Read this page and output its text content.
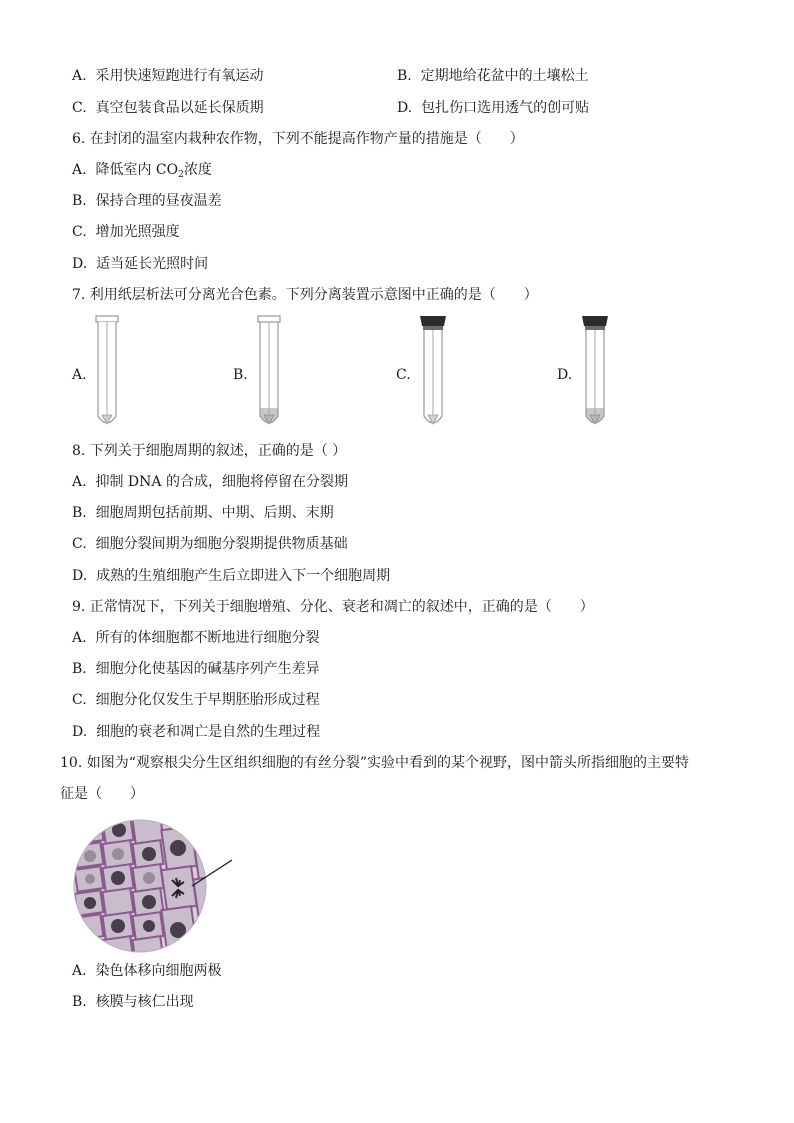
A. 采用快速短跑进行有氧运动	B. 定期地给花盆中的土壤松土
C. 真空包装食品以延长保质期	D. 包扎伤口选用透气的创可贴
6. 在封闭的温室内栽种农作物，下列不能提高作物产量的措施是（　　）
A. 降低室内 $CO_2$浓度
B. 保持合理的昼夜温差
C. 增加光照强度
D. 适当延长光照时间
7. 利用纸层析法可分离光合色素。下列分离装置示意图中正确的是（　　）
A.	B.	C.	D.
8. 下列关于细胞周期的叙述，正确的是（ ）
A. 抑制 DNA 的合成，细胞将停留在分裂期
B. 细胞周期包括前期、中期、后期、末期
C. 细胞分裂间期为细胞分裂期提供物质基础
D. 成熟的生殖细胞产生后立即进入下一个细胞周期
9. 正常情况下，下列关于细胞增殖、分化、衰老和凋亡的叙述中，正确的是（　　）
A. 所有的体细胞都不断地进行细胞分裂
B. 细胞分化使基因的碱基序列产生差异
C. 细胞分化仅发生于早期胚胎形成过程
D. 细胞的衰老和凋亡是自然的生理过程
10. 如图为“观察根尖分生区组织细胞的有丝分裂”实验中看到的某个视野，图中箭头所指细胞的主要特
征是（　　）
A. 染色体移向细胞两极
B. 核膜与核仁出现
